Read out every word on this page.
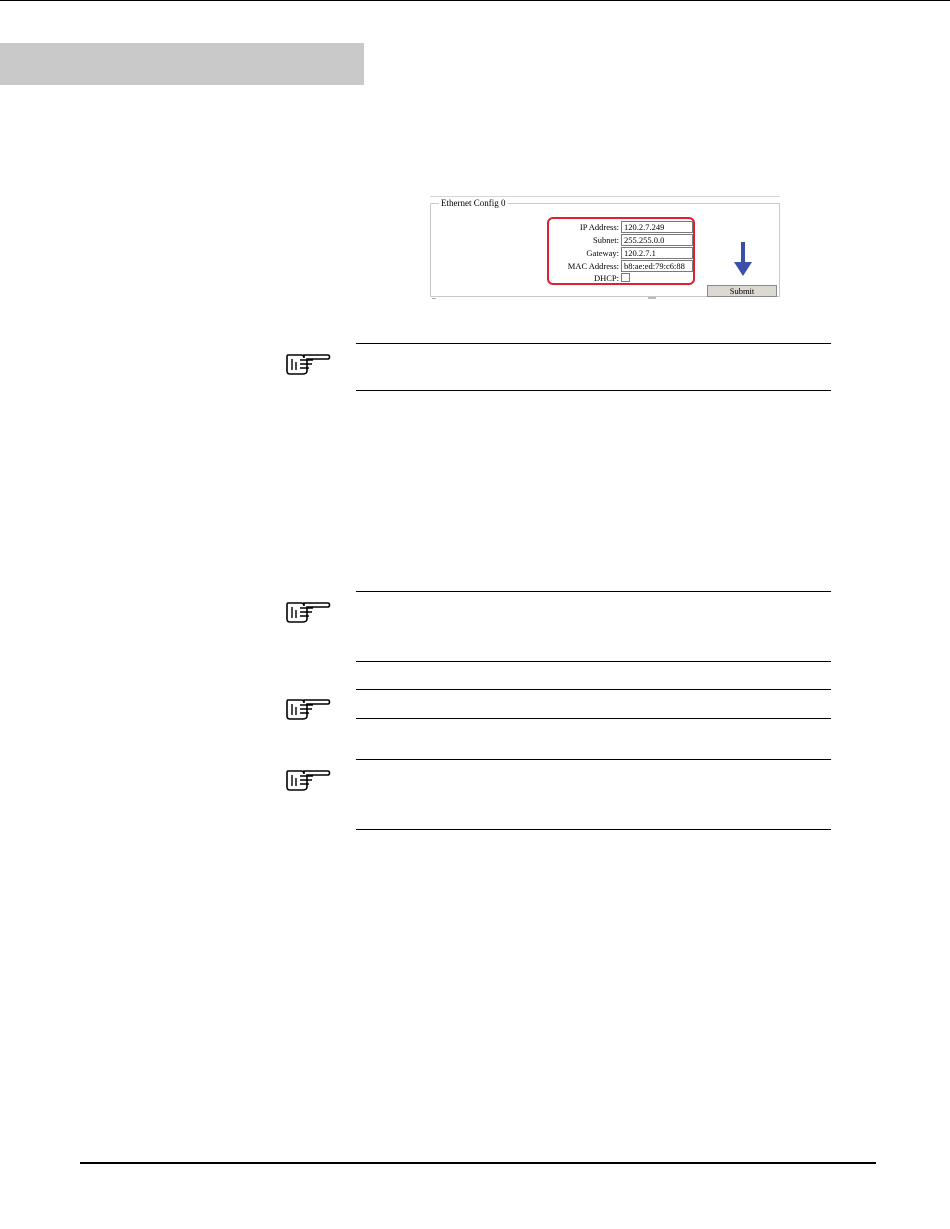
Ethernet Config 0
IP Address: 120.2.7.249
Subnet: 255.255.0.0
Gateway: 120.2.7.1
MAC Address: b8:ae:ed:79:c6:88
DHCP:
Submit
